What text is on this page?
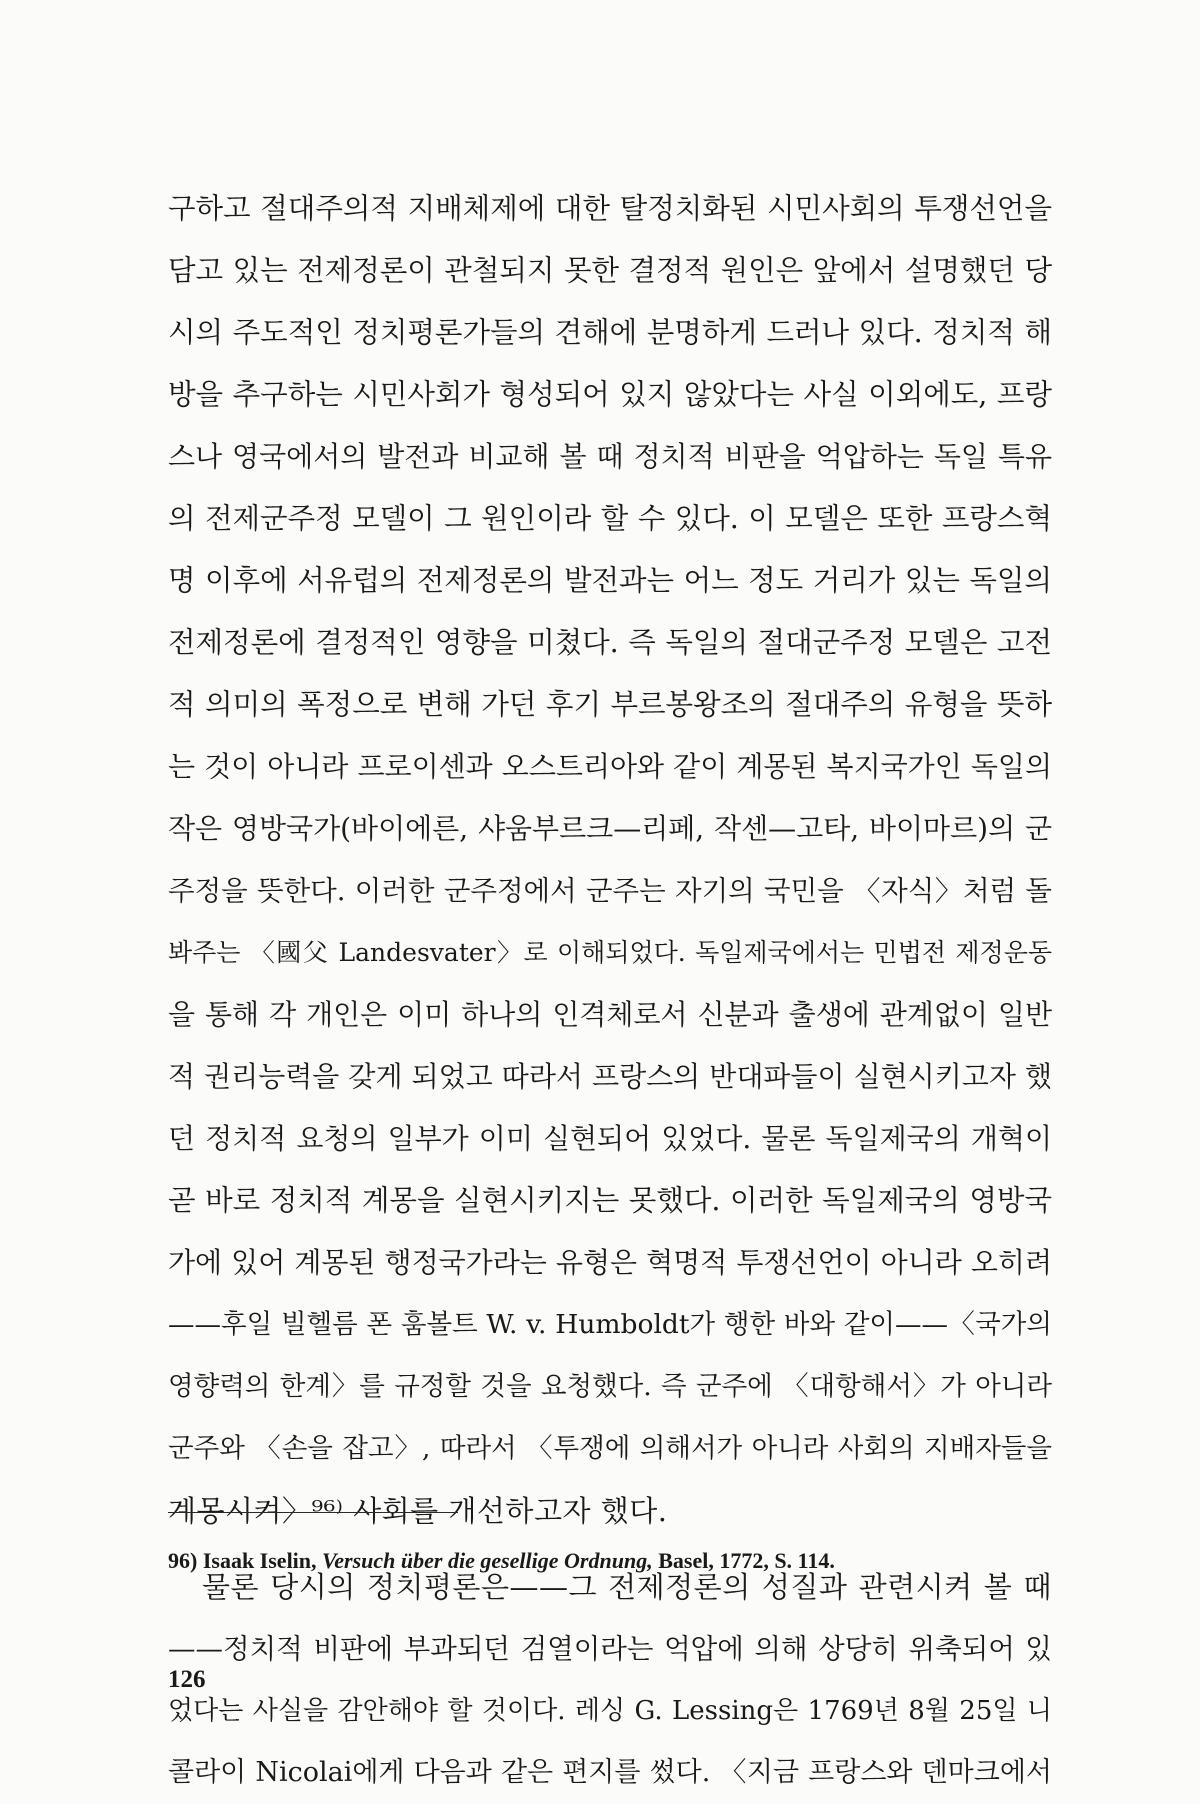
구하고 절대주의적 지배체제에 대한 탈정치화된 시민사회의 투쟁선언을
담고 있는 전제정론이 관철되지 못한 결정적 원인은 앞에서 설명했던 당
시의 주도적인 정치평론가들의 견해에 분명하게 드러나 있다. 정치적 해
방을 추구하는 시민사회가 형성되어 있지 않았다는 사실 이외에도, 프랑
스나 영국에서의 발전과 비교해 볼 때 정치적 비판을 억압하는 독일 특유
의 전제군주정 모델이 그 원인이라 할 수 있다. 이 모델은 또한 프랑스혁
명 이후에 서유럽의 전제정론의 발전과는 어느 정도 거리가 있는 독일의
전제정론에 결정적인 영향을 미쳤다. 즉 독일의 절대군주정 모델은 고전
적 의미의 폭정으로 변해 가던 후기 부르봉왕조의 절대주의 유형을 뜻하
는 것이 아니라 프로이센과 오스트리아와 같이 계몽된 복지국가인 독일의
작은 영방국가(바이에른, 샤움부르크—리페, 작센—고타, 바이마르)의 군
주정을 뜻한다. 이러한 군주정에서 군주는 자기의 국민을 〈자식〉처럼 돌
봐주는 〈國父 Landesvater〉로 이해되었다. 독일제국에서는 민법전 제정운동
을 통해 각 개인은 이미 하나의 인격체로서 신분과 출생에 관계없이 일반
적 권리능력을 갖게 되었고 따라서 프랑스의 반대파들이 실현시키고자 했
던 정치적 요청의 일부가 이미 실현되어 있었다. 물론 독일제국의 개혁이
곧 바로 정치적 계몽을 실현시키지는 못했다. 이러한 독일제국의 영방국
가에 있어 계몽된 행정국가라는 유형은 혁명적 투쟁선언이 아니라 오히려
——후일 빌헬름 폰 훔볼트 W. v. Humboldt가 행한 바와 같이——〈국가의
영향력의 한계〉를 규정할 것을 요청했다. 즉 군주에 〈대항해서〉가 아니라
군주와 〈손을 잡고〉, 따라서 〈투쟁에 의해서가 아니라 사회의 지배자들을
계몽시켜〉⁹⁶⁾ 사회를 개선하고자 했다.
물론 당시의 정치평론은——그 전제정론의 성질과 관련시켜 볼 때
——정치적 비판에 부과되던 검열이라는 억압에 의해 상당히 위축되어 있
었다는 사실을 감안해야 할 것이다. 레싱 G. Lessing은 1769년 8월 25일 니
콜라이 Nicolai에게 다음과 같은 편지를 썼다. 〈지금 프랑스와 덴마크에서
96) Isaak Iselin, Versuch über die gesellige Ordnung, Basel, 1772, S. 114.
126
